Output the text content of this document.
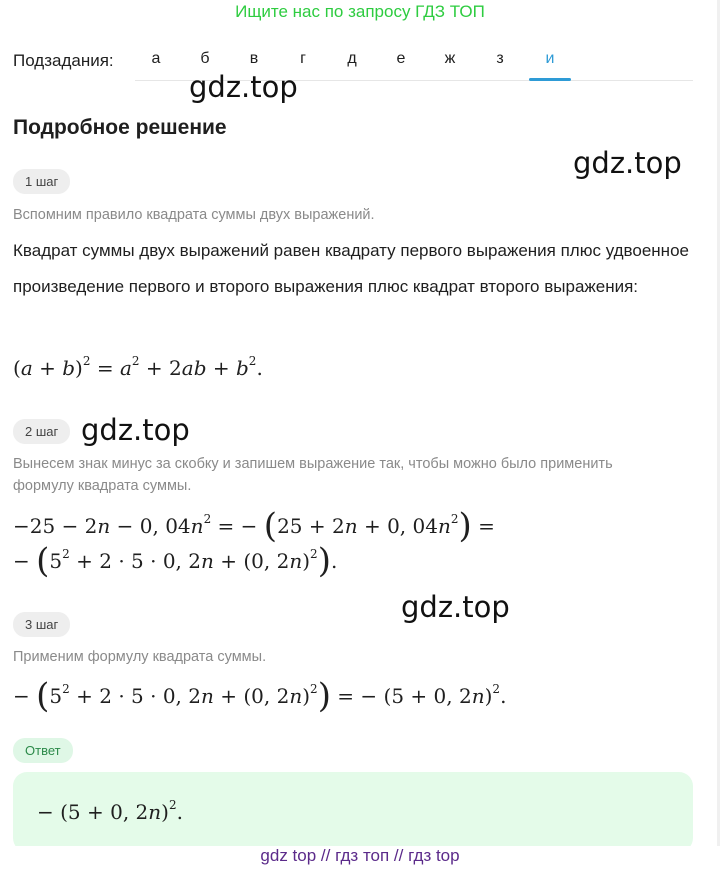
Ищите нас по запросу ГДЗ ТОП
Подзадания:	а	б	в	г	д	е	ж	з	и
gdz.top
gdz.top
gdz.top
gdz.top
Подробное решение
1 шаг
Вспомним правило квадрата суммы двух выражений.
Квадрат суммы двух выражений равен квадрату первого выражения плюс удвоенное произведение первого и второго выражения плюс квадрат второго выражения:
$(a + b)^2 = a^2 + 2ab + b^2$.
2 шаг
Вынесем знак минус за скобку и запишем выражение так, чтобы можно было применить формулу квадрата суммы.
−25 − 2n − 0, $04n^2$ = − (25 + 2n + 0, $04n^2$) =
− ($5^2 + 2 \cdot 5 \cdot 0$, 2n + (0, 2n)$^2$).
3 шаг
Применим формулу квадрата суммы.
− ($5^2 + 2 \cdot 5 \cdot 0$, 2n + (0, 2n)$^2$) = − (5 + 0, 2n)$^2$.
Ответ
− (5 + 0, 2n)$^2$.
gdz top // гдз топ // гдз top
